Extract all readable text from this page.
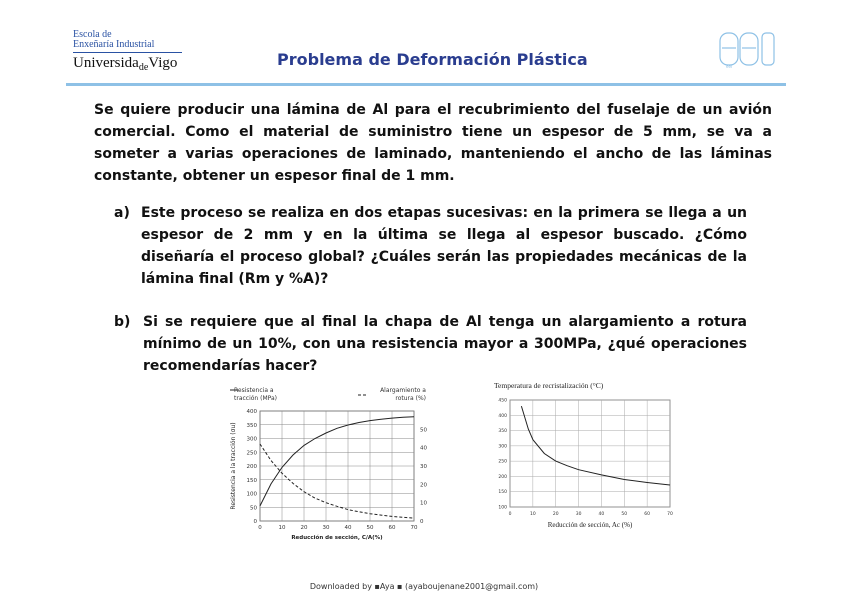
Escola de
Enxeñaría Industrial
Universida$_{de}$Vigo	Problema de Deformación Plástica	eei
Se quiere producir una lámina de Al para el recubrimiento del fuselaje de un avión comercial. Como el material de suministro tiene un espesor de 5 mm, se va a someter a varias operaciones de laminado, manteniendo el ancho de las láminas constante, obtener un espesor final de 1 mm.
a) Este proceso se realiza en dos etapas sucesivas: en la primera se llega a un espesor de 2 mm y en la última se llega al espesor buscado. ¿Cómo diseñaría el proceso global? ¿Cuáles serán las propiedades mecánicas de la lámina final (Rm y %A)?
b) Si se requiere que al final la chapa de Al tenga un alargamiento a rotura mínimo de un 10%, con una resistencia mayor a 300MPa, ¿qué operaciones recomendarías hacer?
0	10	20	30	40	50	60	70
0
50
100
150
200
250
300
350
400
0
10
20
30
40
50
Resistencia a
tracción (MPa)
Alargamiento a
rotura (%)
Reducción de sección, C/A(%)
Resistencia a la tracción (σu)
Temperatura de recristalización (°C)
0	10	20	30	40	50	60	70
100
150
200
250
300
350
400
450
Reducción de sección, Ac (%)
Downloaded by ▪Aya ▪ (ayaboujenane2001@gmail.com)
